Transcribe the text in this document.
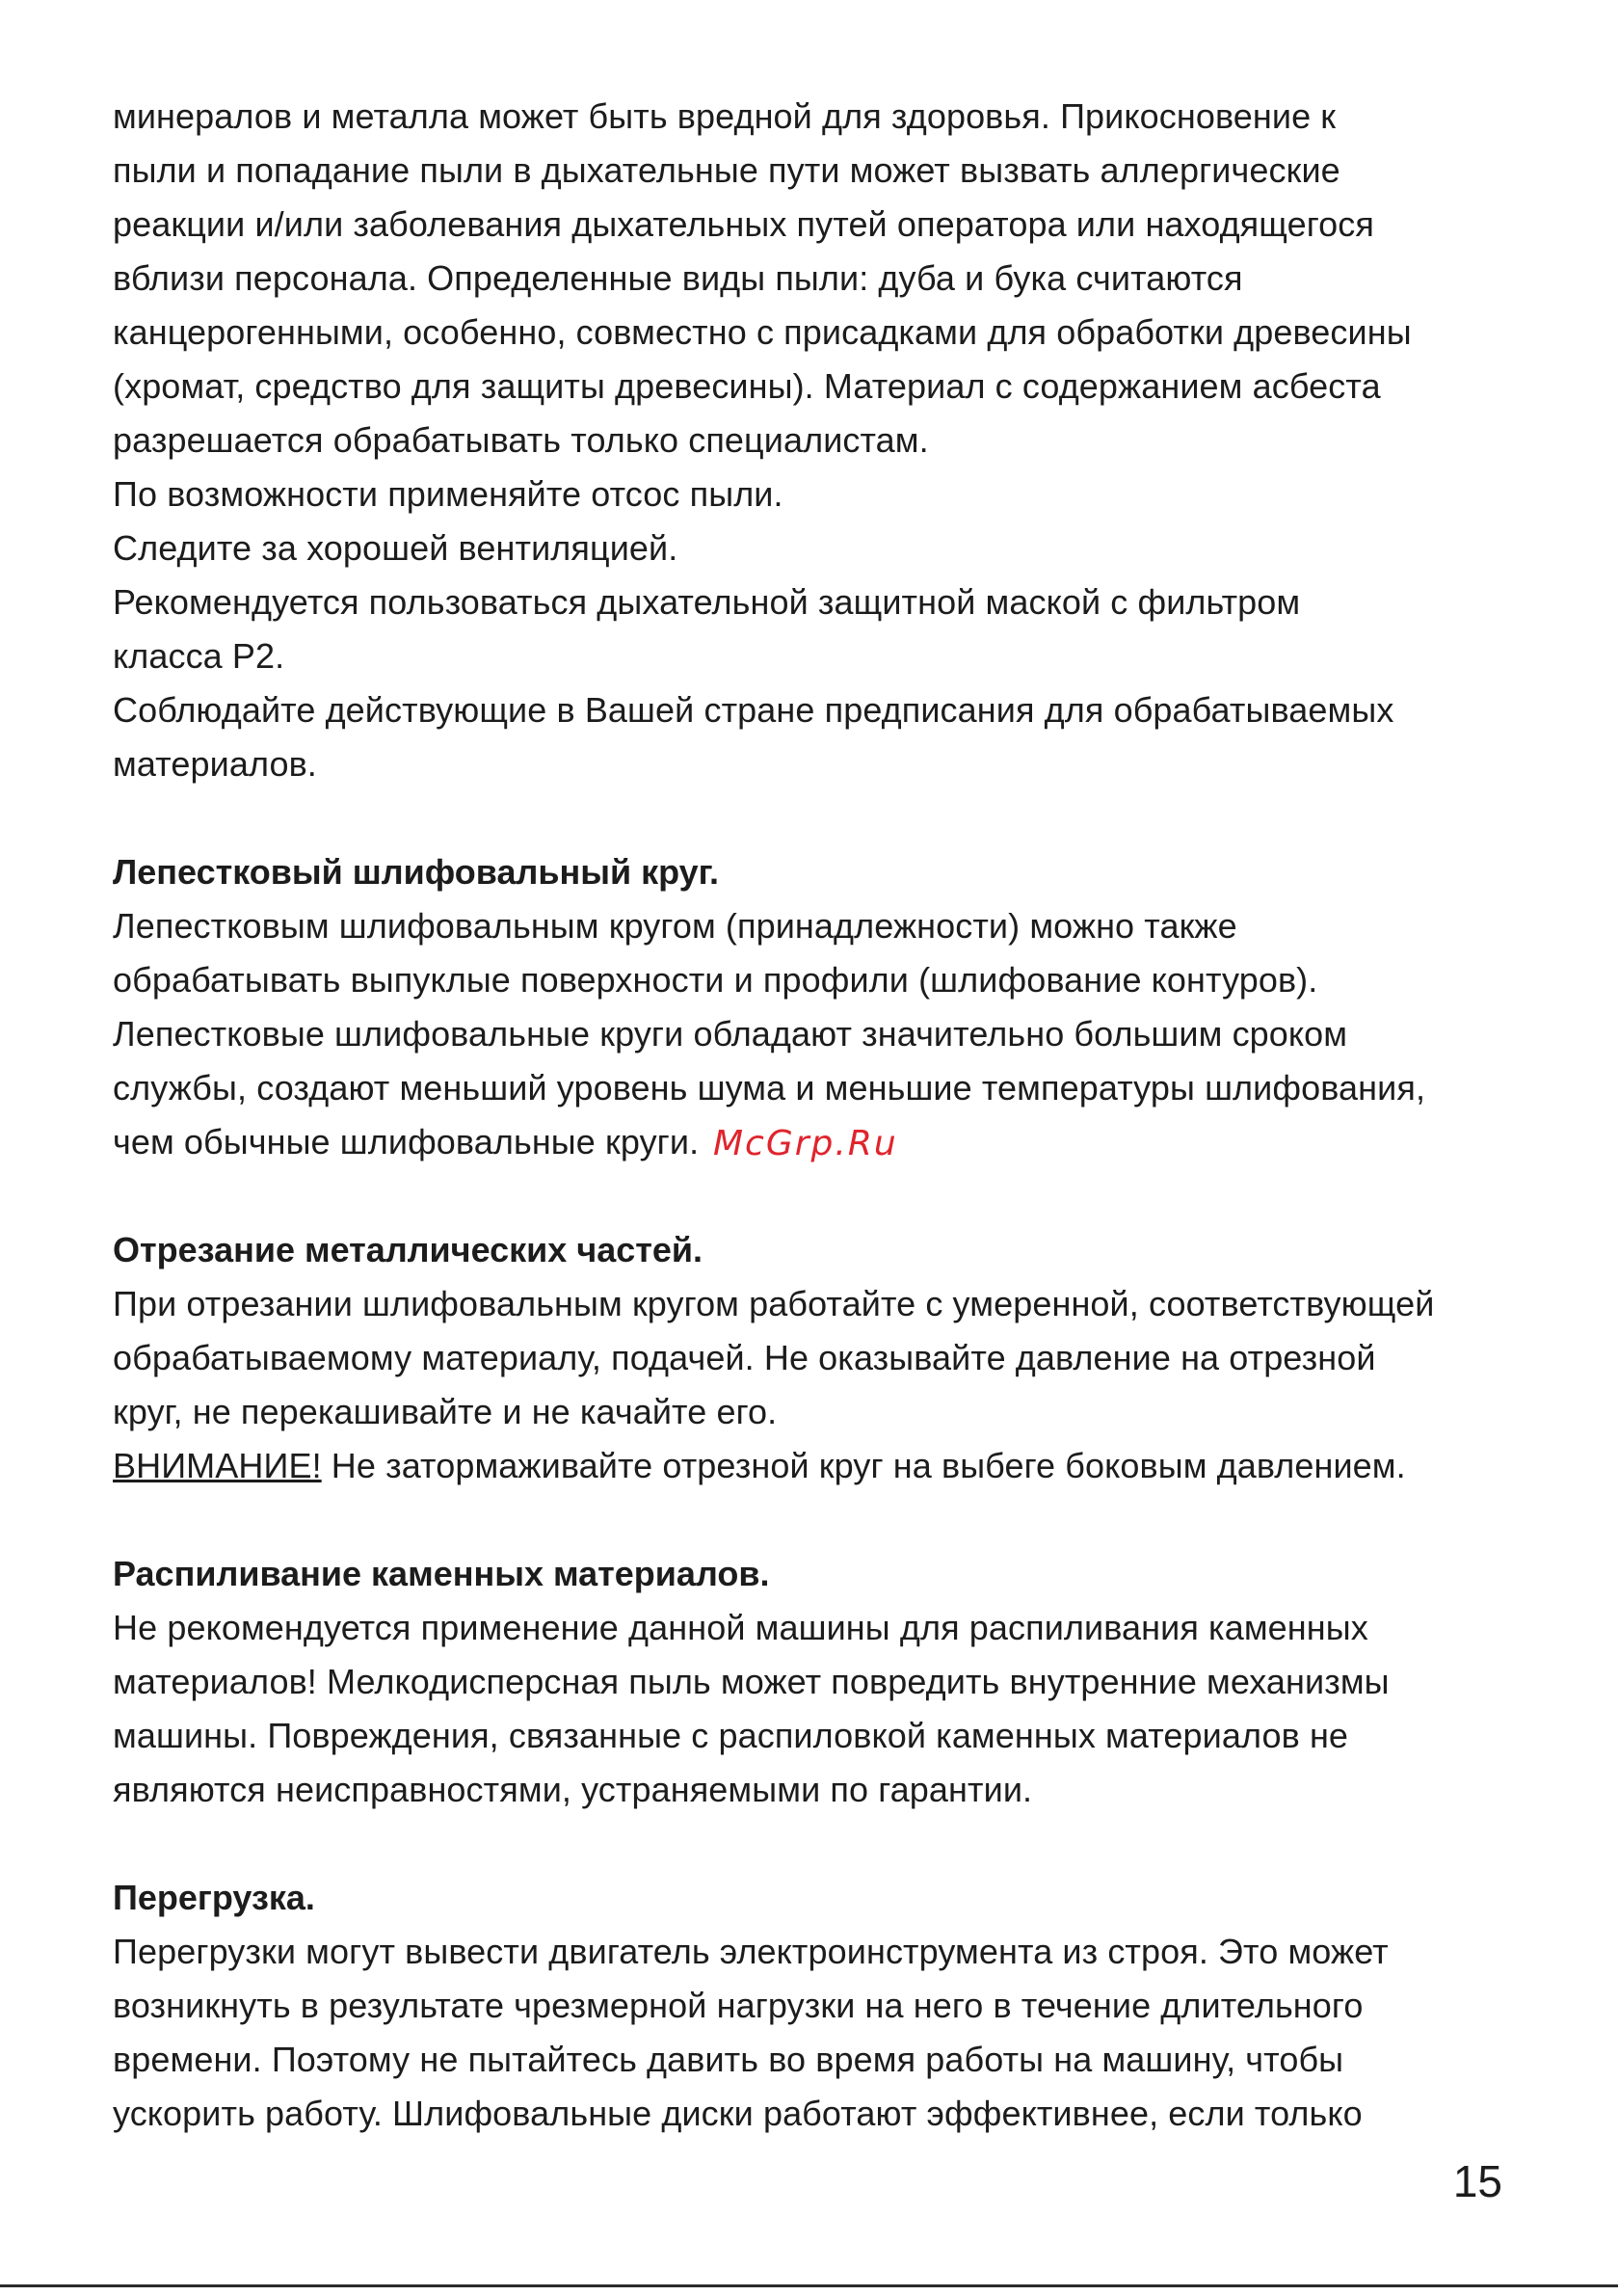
минералов и металла может быть вредной для здоровья. Прикосновение к
пыли и попадание пыли в дыхательные пути может вызвать аллергические
реакции и/или заболевания дыхательных путей оператора или находящегося
вблизи персонала. Определенные виды пыли: дуба и бука считаются
канцерогенными, особенно, совместно с присадками для обработки древесины
(хромат, средство для защиты древесины). Материал с содержанием асбеста
разрешается обрабатывать только специалистам.
По возможности применяйте отсос пыли.
Следите за хорошей вентиляцией.
Рекомендуется пользоваться дыхательной защитной маской с фильтром
класса Р2.
Соблюдайте действующие в Вашей стране предписания для обрабатываемых
материалов.
Лепестковый шлифовальный круг.
Лепестковым шлифовальным кругом (принадлежности) можно также
обрабатывать выпуклые поверхности и профили (шлифование контуров).
Лепестковые шлифовальные круги обладают значительно большим сроком
службы, создают меньший уровень шума и меньшие температуры шлифования,
чем обычные шлифовальные круги.
Отрезание металлических частей.
При отрезании шлифовальным кругом работайте с умеренной, соответствующей
обрабатываемому материалу, подачей. Не оказывайте давление на отрезной
круг, не перекашивайте и не качайте его.
ВНИМАНИЕ! Не затормаживайте отрезной круг на выбеге боковым давлением.
Распиливание каменных материалов.
Не рекомендуется применение данной машины для распиливания каменных
материалов! Мелкодисперсная пыль может повредить внутренние механизмы
машины. Повреждения, связанные с распиловкой каменных материалов не
являются неисправностями, устраняемыми по гарантии.
Перегрузка.
Перегрузки могут вывести двигатель электроинструмента из строя. Это может
возникнуть в результате чрезмерной нагрузки на него в течение длительного
времени. Поэтому не пытайтесь давить во время работы на машину, чтобы
ускорить работу. Шлифовальные диски работают эффективнее, если только
McGrp.Ru
15
